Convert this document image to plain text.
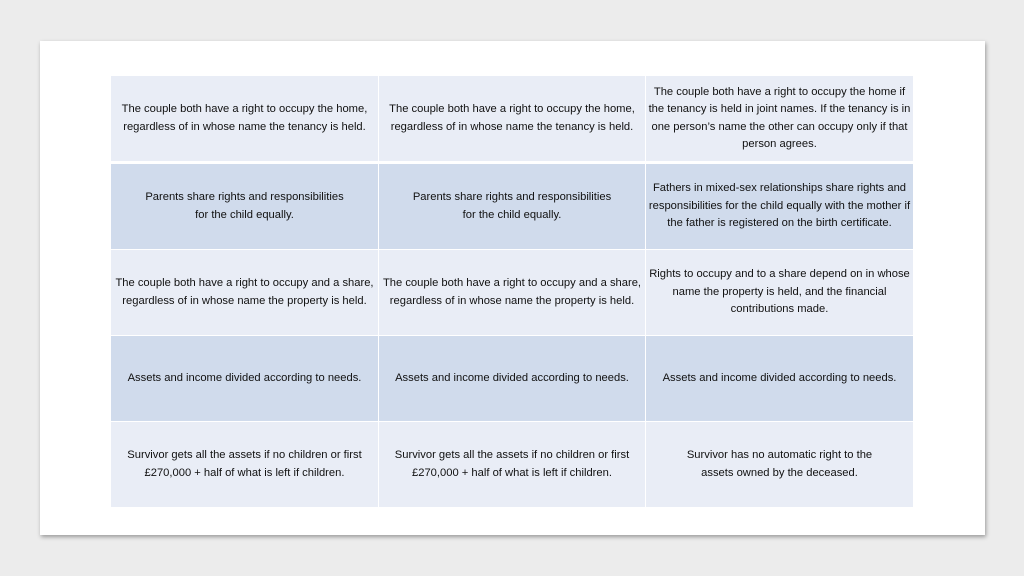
The couple both have a right to occupy the home, regardless of in whose name the tenancy is held.
The couple both have a right to occupy the home, regardless of in whose name the tenancy is held.
The couple both have a right to occupy the home if the tenancy is held in joint names. If the tenancy is in one person’s name the other can occupy only if that person agrees.
Parents share rights and responsibilities for the child equally.
Parents share rights and responsibilities for the child equally.
Fathers in mixed-sex relationships share rights and responsibilities for the child equally with the mother if the father is registered on the birth certificate.
The couple both have a right to occupy and a share, regardless of in whose name the property is held.
The couple both have a right to occupy and a share, regardless of in whose name the property is held.
Rights to occupy and to a share depend on in whose name the property is held, and the financial contributions made.
Assets and income divided according to needs.	Assets and income divided according to needs.	Assets and income divided according to needs.
Survivor gets all the assets if no children or first £270,000 + half of what is left if children.
Survivor gets all the assets if no children or first £270,000 + half of what is left if children.
Survivor has no automatic right to the assets owned by the deceased.
